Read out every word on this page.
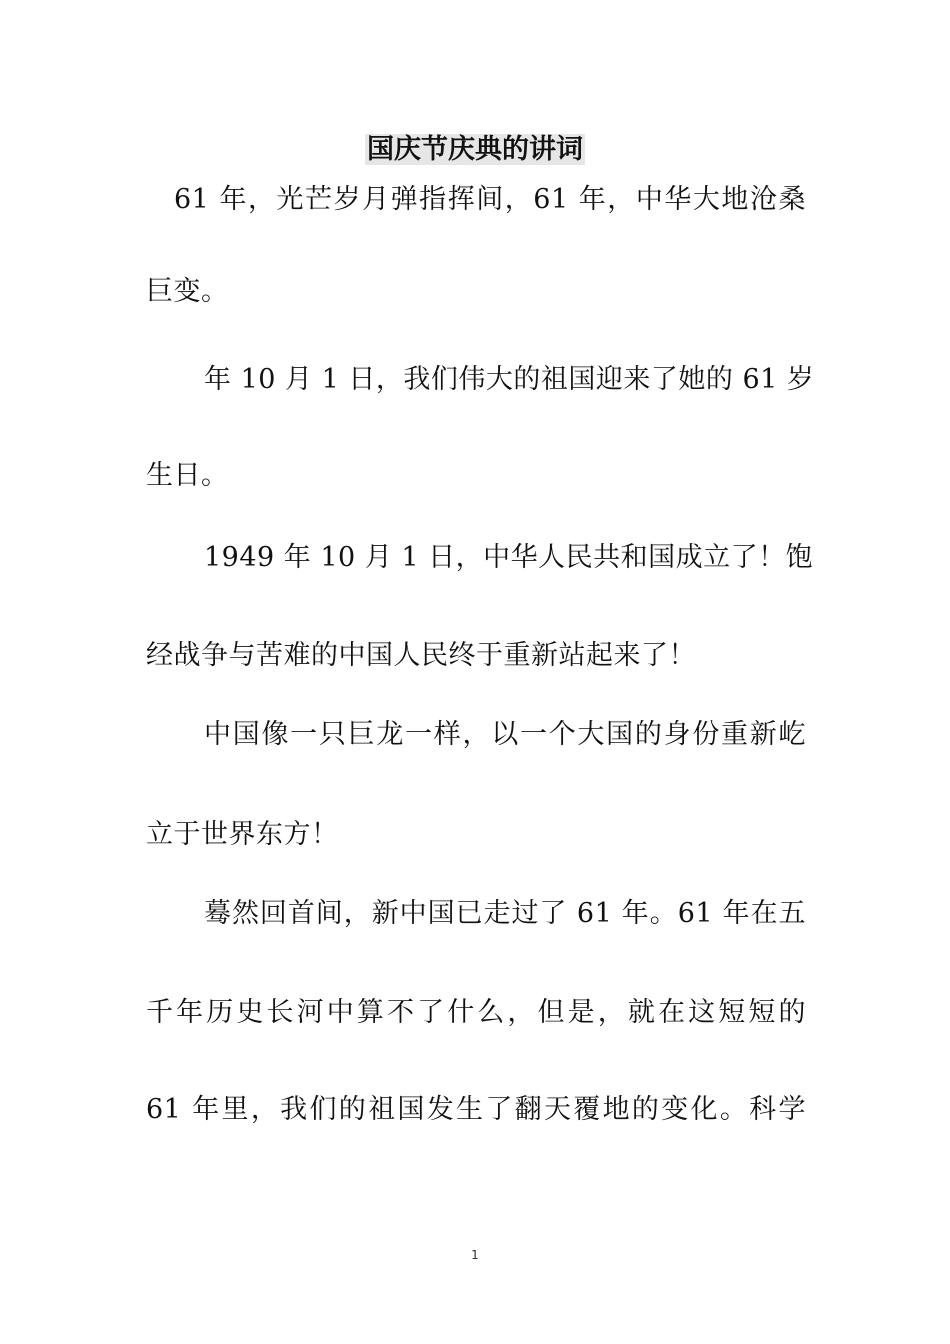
国庆节庆典的讲词
61 年，光芒岁月弹指挥间，61 年，中华大地沧桑
巨变。
年 10 月 1 日，我们伟大的祖国迎来了她的 61 岁
生日。
1949 年 10 月 1 日，中华人民共和国成立了！饱
经战争与苦难的中国人民终于重新站起来了！
中国像一只巨龙一样，以一个大国的身份重新屹
立于世界东方！
蓦然回首间，新中国已走过了 61 年。61 年在五
千年历史长河中算不了什么，但是，就在这短短的
61 年里，我们的祖国发生了翻天覆地的变化。科学
1
